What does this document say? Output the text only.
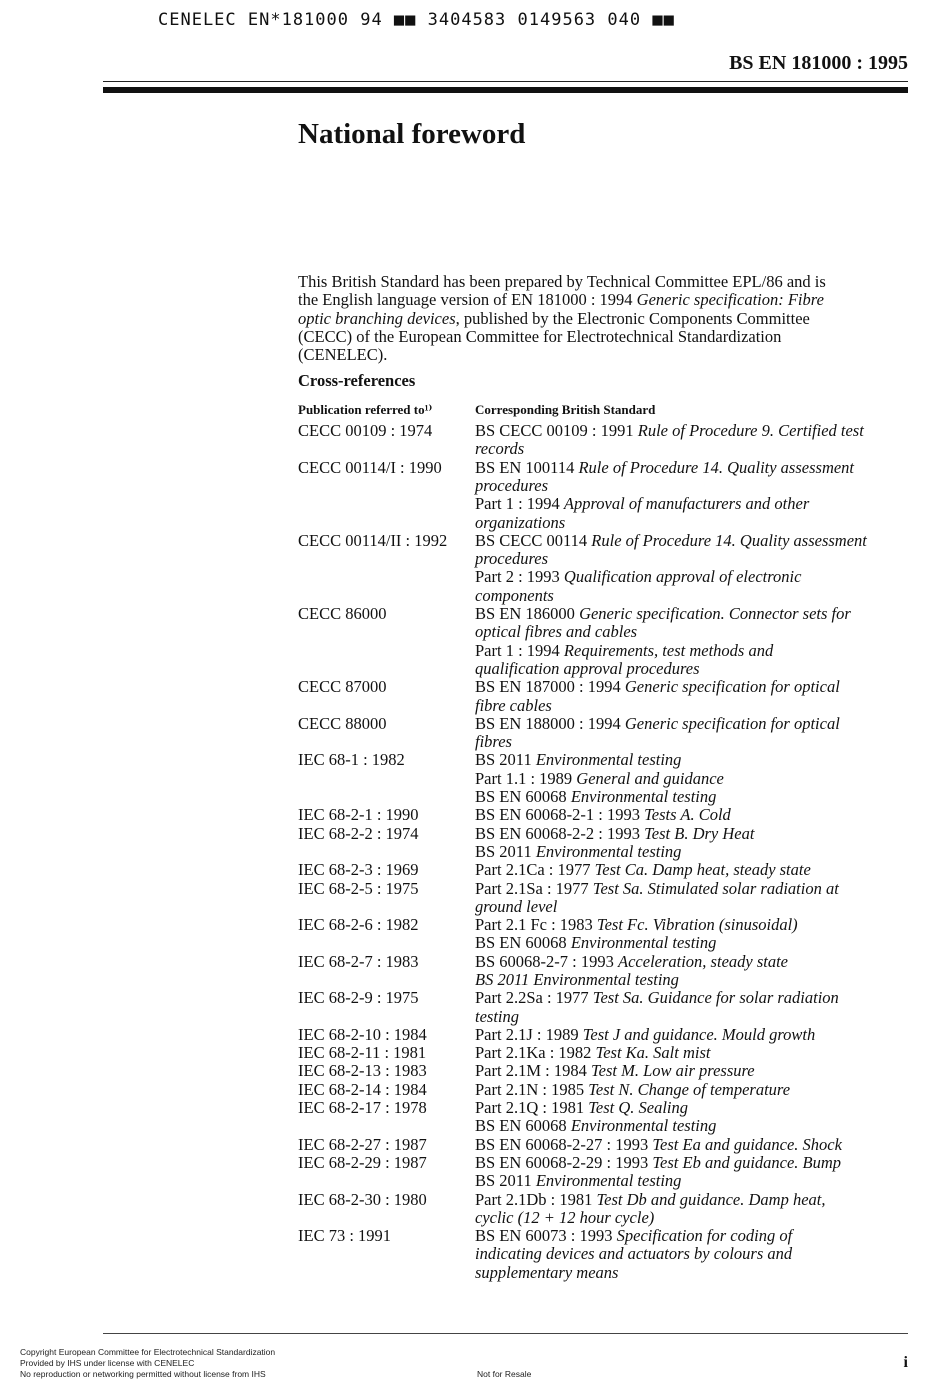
CENELEC EN*181000 94 ■■ 3404583 0149563 040 ■■
BS EN 181000 : 1995
National foreword
This British Standard has been prepared by Technical Committee EPL/86 and is
the English language version of EN 181000 : 1994 Generic specification: Fibre
optic branching devices, published by the Electronic Components Committee
(CECC) of the European Committee for Electrotechnical Standardization
(CENELEC).
Cross-references
Publication referred to¹⁾	Corresponding British Standard
CECC 00109 : 1974	BS CECC 00109 : 1991 Rule of Procedure 9. Certified test
records
CECC 00114/I : 1990	BS EN 100114 Rule of Procedure 14. Quality assessment
procedures
Part 1 : 1994 Approval of manufacturers and other
organizations
CECC 00114/II : 1992	BS CECC 00114 Rule of Procedure 14. Quality assessment
procedures
Part 2 : 1993 Qualification approval of electronic
components
CECC 86000	BS EN 186000 Generic specification. Connector sets for
optical fibres and cables
Part 1 : 1994 Requirements, test methods and
qualification approval procedures
CECC 87000	BS EN 187000 : 1994 Generic specification for optical
fibre cables
CECC 88000	BS EN 188000 : 1994 Generic specification for optical
fibres
IEC 68-1 : 1982	BS 2011 Environmental testing
Part 1.1 : 1989 General and guidance
BS EN 60068 Environmental testing
IEC 68-2-1 : 1990	BS EN 60068-2-1 : 1993 Tests A. Cold
IEC 68-2-2 : 1974	BS EN 60068-2-2 : 1993 Test B. Dry Heat
BS 2011 Environmental testing
IEC 68-2-3 : 1969	Part 2.1Ca : 1977 Test Ca. Damp heat, steady state
IEC 68-2-5 : 1975	Part 2.1Sa : 1977 Test Sa. Stimulated solar radiation at
ground level
IEC 68-2-6 : 1982	Part 2.1 Fc : 1983 Test Fc. Vibration (sinusoidal)
BS EN 60068 Environmental testing
IEC 68-2-7 : 1983	BS 60068-2-7 : 1993 Acceleration, steady state
BS 2011 Environmental testing
IEC 68-2-9 : 1975	Part 2.2Sa : 1977 Test Sa. Guidance for solar radiation
testing
IEC 68-2-10 : 1984	Part 2.1J : 1989 Test J and guidance. Mould growth
IEC 68-2-11 : 1981	Part 2.1Ka : 1982 Test Ka. Salt mist
IEC 68-2-13 : 1983	Part 2.1M : 1984 Test M. Low air pressure
IEC 68-2-14 : 1984	Part 2.1N : 1985 Test N. Change of temperature
IEC 68-2-17 : 1978	Part 2.1Q : 1981 Test Q. Sealing
BS EN 60068 Environmental testing
IEC 68-2-27 : 1987	BS EN 60068-2-27 : 1993 Test Ea and guidance. Shock
IEC 68-2-29 : 1987	BS EN 60068-2-29 : 1993 Test Eb and guidance. Bump
BS 2011 Environmental testing
IEC 68-2-30 : 1980	Part 2.1Db : 1981 Test Db and guidance. Damp heat,
cyclic (12 + 12 hour cycle)
IEC 73 : 1991	BS EN 60073 : 1993 Specification for coding of
indicating devices and actuators by colours and
supplementary means
Copyright European Committee for Electrotechnical Standardization
Provided by IHS under license with CENELEC
No reproduction or networking permitted without license from IHS	Not for Resale
i
